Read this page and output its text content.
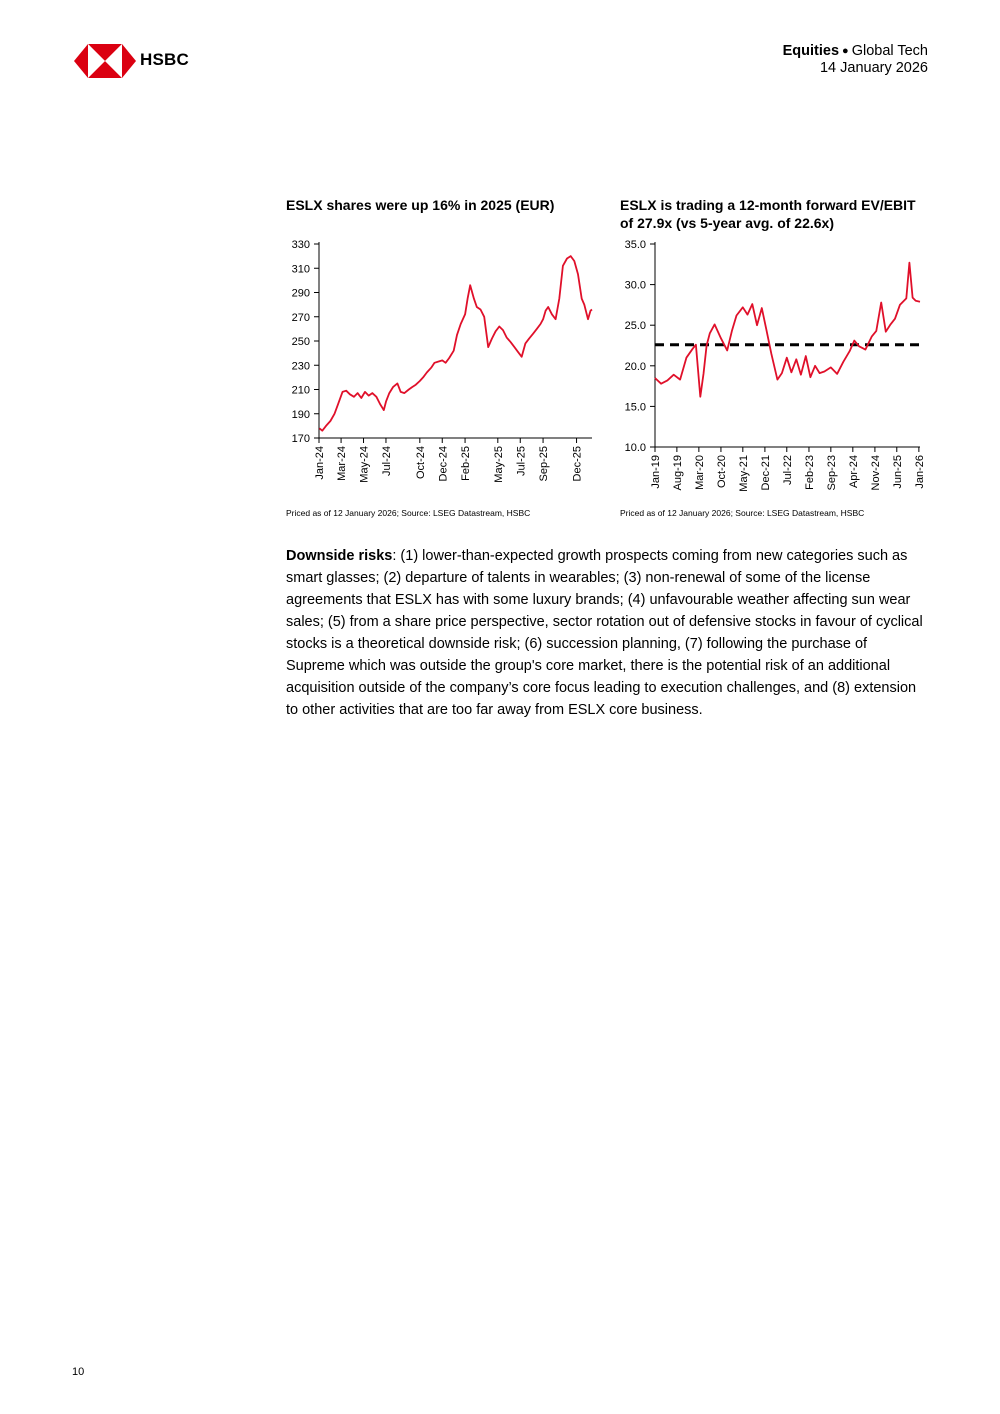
HSBC	Equities ● Global Tech
14 January 2026
ESLX shares were up 16% in 2025 (EUR)
330
310
290
270
250
230
210
190
170
Jan-24 Mar-24 May-24 Jul-24 Oct-24 Dec-24 Feb-25 May-25 Jul-25 Sep-25 Dec-25
Priced as of 12 January 2026; Source: LSEG Datastream, HSBC
ESLX is trading a 12-month forward EV/EBIT of 27.9x (vs 5-year avg. of 22.6x)
35.0
30.0
25.0
20.0
15.0
10.0
Jan-19 Aug-19 Mar-20 Oct-20 May-21 Dec-21 Jul-22 Feb-23 Sep-23 Apr-24 Nov-24 Jun-25 Jan-26
Priced as of 12 January 2026; Source: LSEG Datastream, HSBC
Downside risks: (1) lower-than-expected growth prospects coming from new categories such as smart glasses; (2) departure of talents in wearables; (3) non-renewal of some of the license agreements that ESLX has with some luxury brands; (4) unfavourable weather affecting sun wear sales; (5) from a share price perspective, sector rotation out of defensive stocks in favour of cyclical stocks is a theoretical downside risk; (6) succession planning, (7) following the purchase of Supreme which was outside the group's core market, there is the potential risk of an additional acquisition outside of the company’s core focus leading to execution challenges, and (8) extension to other activities that are too far away from ESLX core business.
10
